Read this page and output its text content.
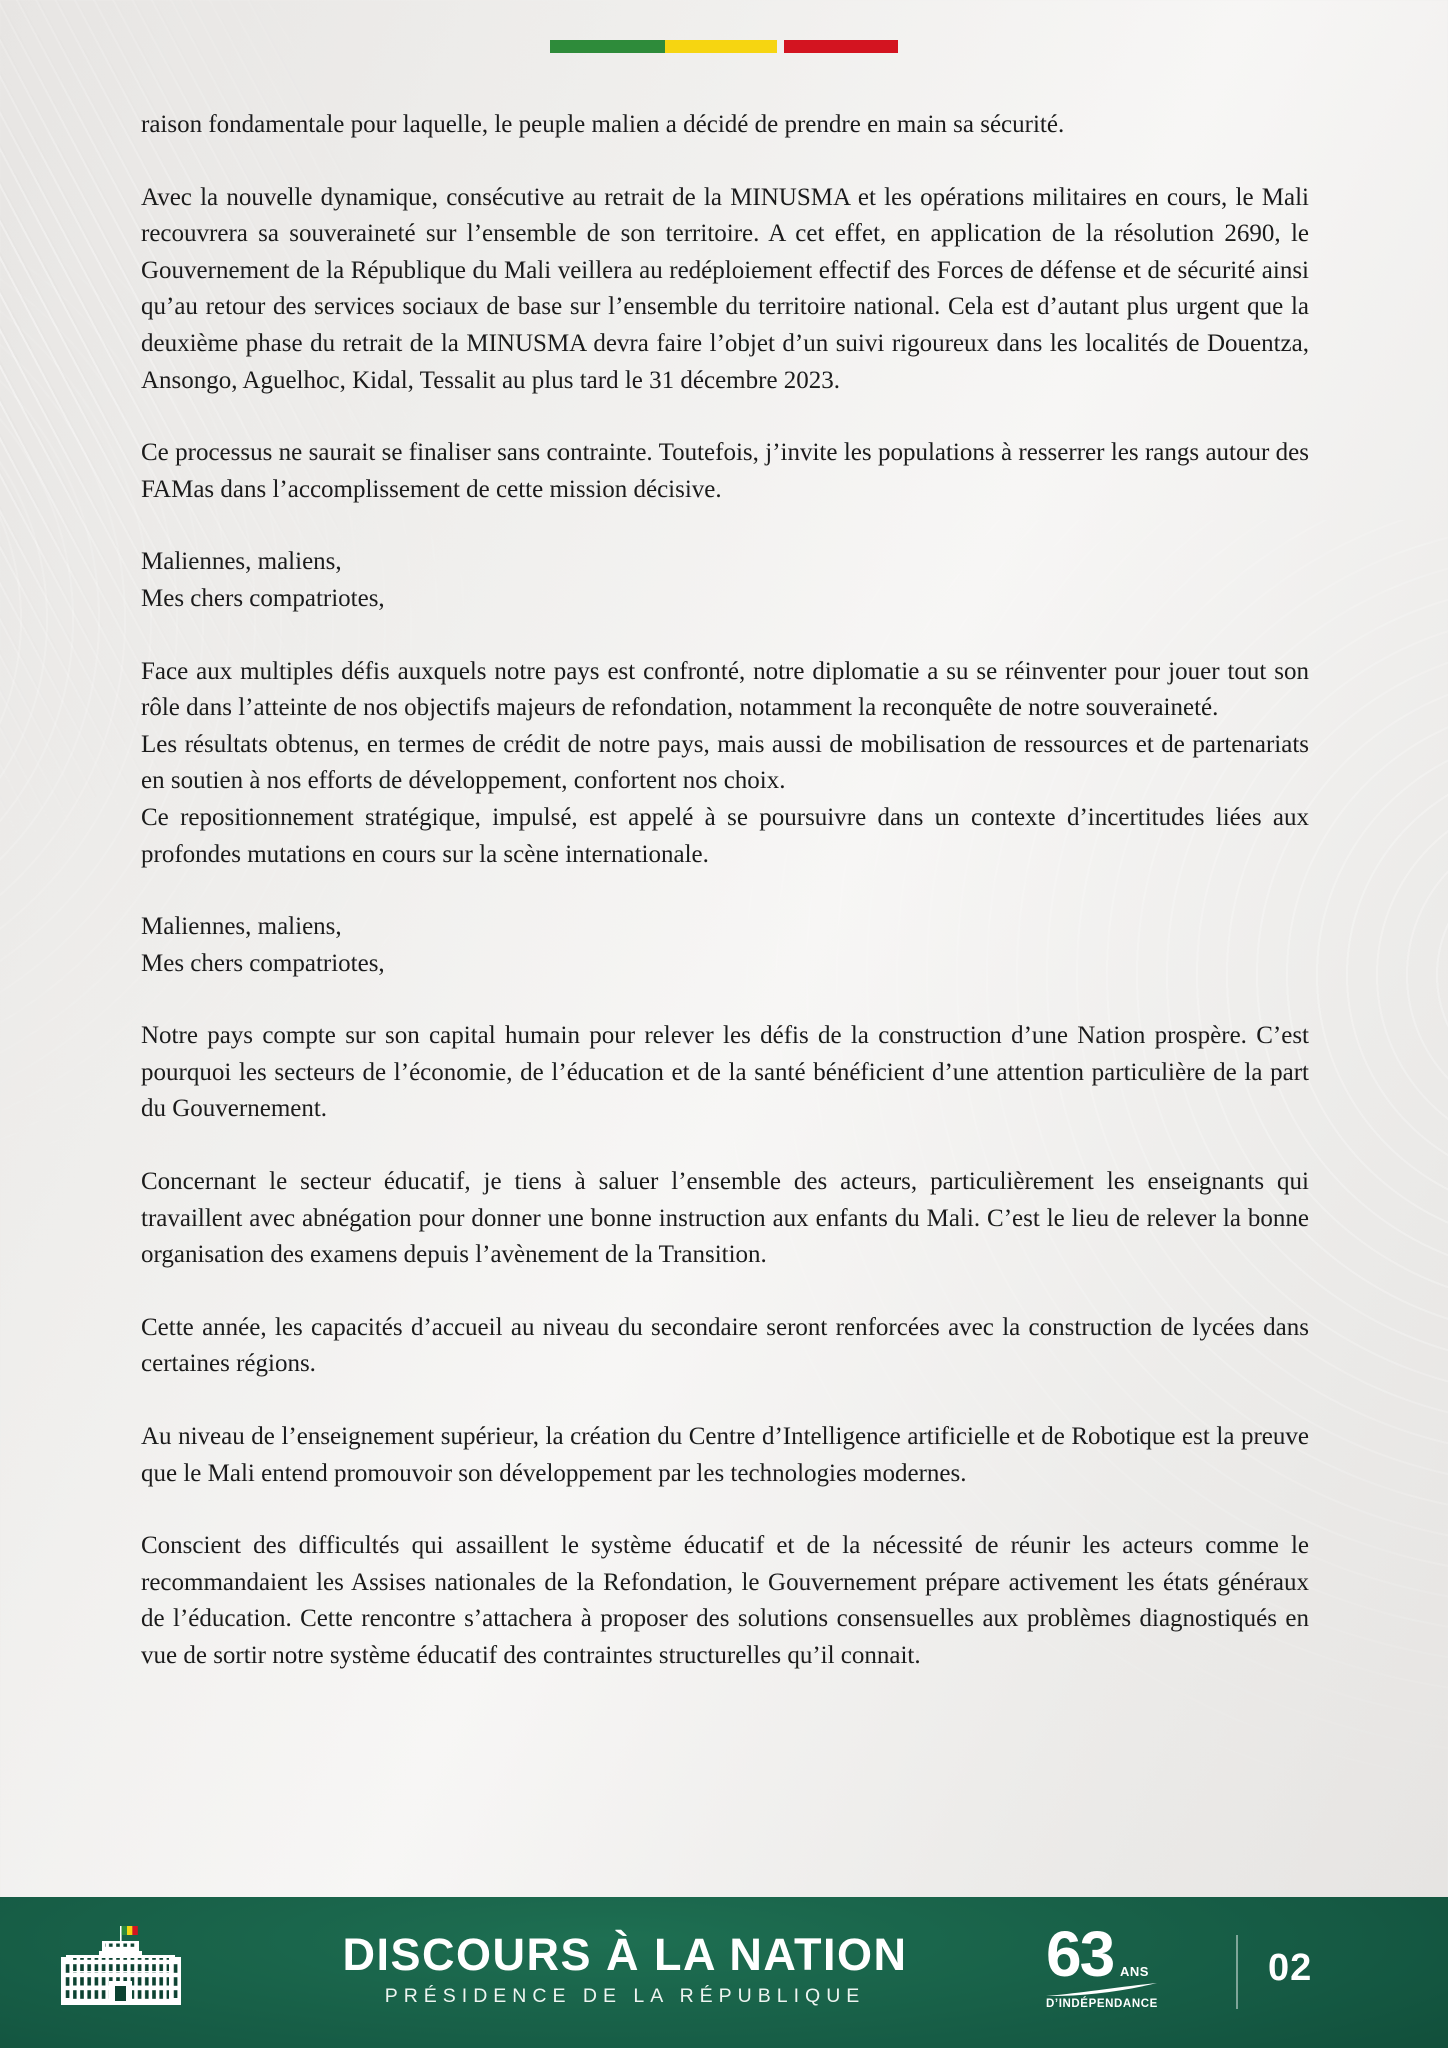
raison fondamentale pour laquelle, le peuple malien a décidé de prendre en main sa sécurité.

Avec la nouvelle dynamique, consécutive au retrait de la MINUSMA et les opérations militaires en cours, le Mali recouvrera sa souveraineté sur l’ensemble de son territoire. A cet effet, en application de la résolution 2690, le Gouvernement de la République du Mali veillera au redéploiement effectif des Forces de défense et de sécurité ainsi qu’au retour des services sociaux de base sur l’ensemble du territoire national. Cela est d’autant plus urgent que la deuxième phase du retrait de la MINUSMA devra faire l’objet d’un suivi rigoureux dans les localités de Douentza, Ansongo, Aguelhoc, Kidal, Tessalit au plus tard le 31 décembre 2023.

Ce processus ne saurait se finaliser sans contrainte. Toutefois, j’invite les populations à resserrer les rangs autour des FAMas dans l’accomplissement de cette mission décisive.

Maliennes, maliens,
Mes chers compatriotes,

Face aux multiples défis auxquels notre pays est confronté, notre diplomatie a su se réinventer pour jouer tout son rôle dans l’atteinte de nos objectifs majeurs de refondation, notamment la reconquête de notre souveraineté.

Les résultats obtenus, en termes de crédit de notre pays, mais aussi de mobilisation de ressources et de partenariats en soutien à nos efforts de développement, confortent nos choix.

Ce repositionnement stratégique, impulsé, est appelé à se poursuivre dans un contexte d’incertitudes liées aux profondes mutations en cours sur la scène internationale.

Maliennes, maliens,
Mes chers compatriotes,

Notre pays compte sur son capital humain pour relever les défis de la construction d’une Nation prospère. C’est pourquoi les secteurs de l’économie, de l’éducation et de la santé bénéficient d’une attention particulière de la part du Gouvernement.

Concernant le secteur éducatif, je tiens à saluer l’ensemble des acteurs, particulièrement les enseignants qui travaillent avec abnégation pour donner une bonne instruction aux enfants du Mali. C’est le lieu de relever la bonne organisation des examens depuis l’avènement de la Transition.

Cette année, les capacités d’accueil au niveau du secondaire seront renforcées avec la construction de lycées dans certaines régions.

Au niveau de l’enseignement supérieur, la création du Centre d’Intelligence artificielle et de Robotique est la preuve que le Mali entend promouvoir son développement par les technologies modernes.

Conscient des difficultés qui assaillent le système éducatif et de la nécessité de réunir les acteurs comme le recommandaient les Assises nationales de la Refondation, le Gouvernement prépare activement les états généraux de l’éducation. Cette rencontre s’attachera à proposer des solutions consensuelles aux problèmes diagnostiqués en vue de sortir notre système éducatif des contraintes structurelles qu’il connait.

DISCOURS À LA NATION
PRÉSIDENCE DE LA RÉPUBLIQUE
63 ANS
D’INDÉPENDANCE
02
